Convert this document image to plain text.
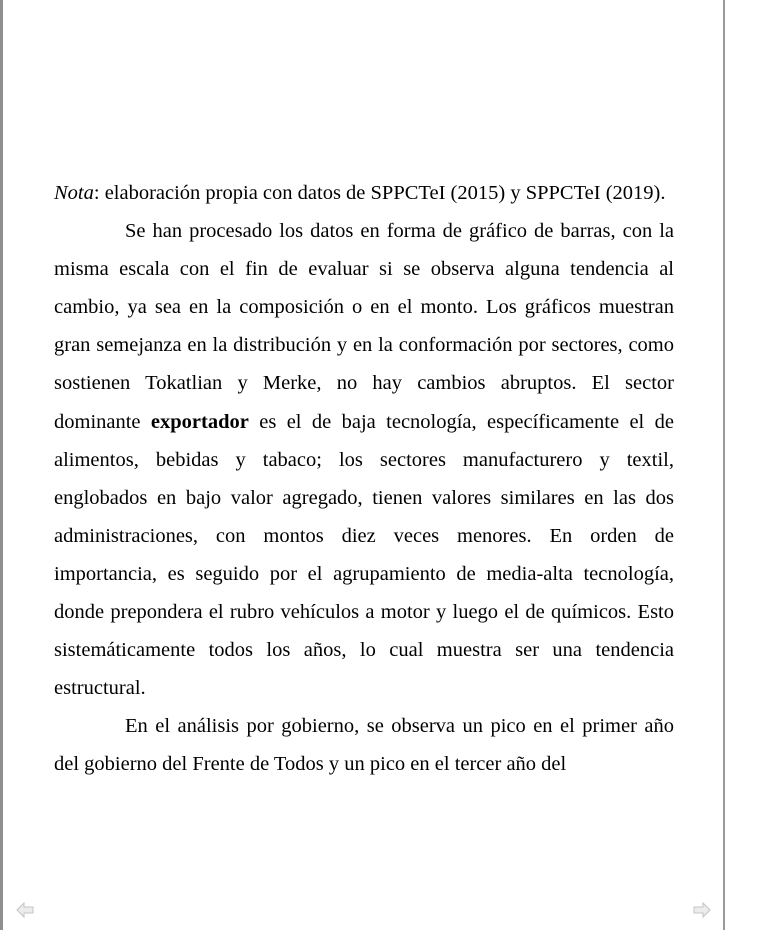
Nota: elaboración propia con datos de SPPCTeI (2015) y SPPCTeI (2019).

Se han procesado los datos en forma de gráfico de barras, con la misma escala con el fin de evaluar si se observa alguna tendencia al cambio, ya sea en la composición o en el monto. Los gráficos muestran gran semejanza en la distribución y en la conformación por sectores, como sostienen Tokatlian y Merke, no hay cambios abruptos. El sector dominante exportador es el de baja tecnología, específicamente el de alimentos, bebidas y tabaco; los sectores manufacturero y textil, englobados en bajo valor agregado, tienen valores similares en las dos administraciones, con montos diez veces menores. En orden de importancia, es seguido por el agrupamiento de media-alta tecnología, donde prepondera el rubro vehículos a motor y luego el de químicos. Esto sistemáticamente todos los años, lo cual muestra ser una tendencia estructural.

En el análisis por gobierno, se observa un pico en el primer año del gobierno del Frente de Todos y un pico en el tercer año del
